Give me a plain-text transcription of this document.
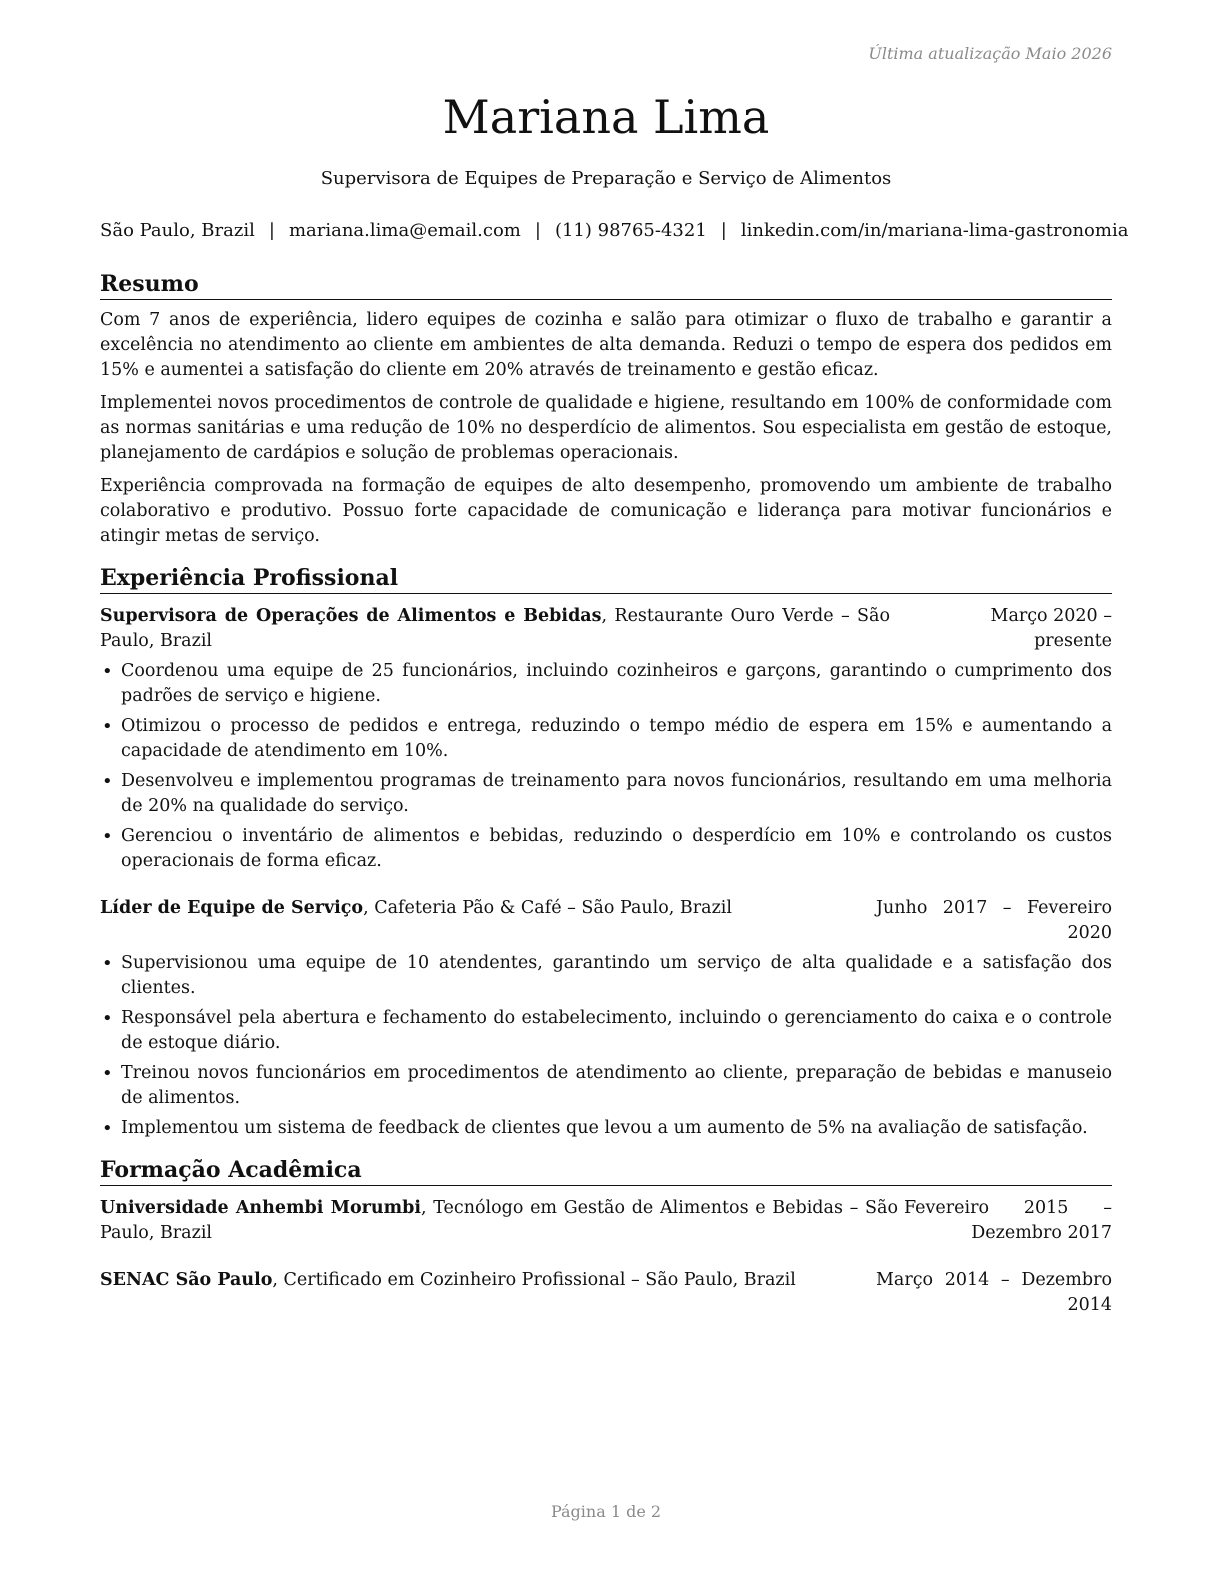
Última atualização Maio 2026
Mariana Lima

Supervisora de Equipes de Preparação e Serviço de Alimentos

São Paulo, Brazil | mariana.lima@email.com | (11) 98765-4321 | linkedin.com/in/mariana-lima-gastronomia

Resumo

Com 7 anos de experiência, lidero equipes de cozinha e salão para otimizar o fluxo de trabalho e garantir a excelência no atendimento ao cliente em ambientes de alta demanda. Reduzi o tempo de espera dos pedidos em 15% e aumentei a satisfação do cliente em 20% através de treinamento e gestão eficaz.

Implementei novos procedimentos de controle de qualidade e higiene, resultando em 100% de conformidade com as normas sanitárias e uma redução de 10% no desperdício de alimentos. Sou especialista em gestão de estoque, planejamento de cardápios e solução de problemas operacionais.

Experiência comprovada na formação de equipes de alto desempenho, promovendo um ambiente de trabalho colaborativo e produtivo. Possuo forte capacidade de comunicação e liderança para motivar funcionários e atingir metas de serviço.

Experiência Profissional
Supervisora de Operações de Alimentos e Bebidas, Restaurante Ouro Verde – São Paulo, Brazil
Março 2020 – presente
• Coordenou uma equipe de 25 funcionários, incluindo cozinheiros e garçons, garantindo o cumprimento dos padrões de serviço e higiene.
• Otimizou o processo de pedidos e entrega, reduzindo o tempo médio de espera em 15% e aumentando a capacidade de atendimento em 10%.
• Desenvolveu e implementou programas de treinamento para novos funcionários, resultando em uma melhoria de 20% na qualidade do serviço.
• Gerenciou o inventário de alimentos e bebidas, reduzindo o desperdício em 10% e controlando os custos operacionais de forma eficaz.
Líder de Equipe de Serviço, Cafeteria Pão & Café – São Paulo, Brazil	Junho 2017 – Fevereiro 2020
• Supervisionou uma equipe de 10 atendentes, garantindo um serviço de alta qualidade e a satisfação dos clientes.
• Responsável pela abertura e fechamento do estabelecimento, incluindo o gerenciamento do caixa e o controle de estoque diário.
• Treinou novos funcionários em procedimentos de atendimento ao cliente, preparação de bebidas e manuseio de alimentos.
• Implementou um sistema de feedback de clientes que levou a um aumento de 5% na avaliação de satisfação.
Formação Acadêmica
Universidade Anhembi Morumbi, Tecnólogo em Gestão de Alimentos e Bebidas – São Paulo, Brazil
Fevereiro 2015 – Dezembro 2017
SENAC São Paulo, Certificado em Cozinheiro Profissional – São Paulo, Brazil	Março 2014 – Dezembro 2014
Página 1 de 2
